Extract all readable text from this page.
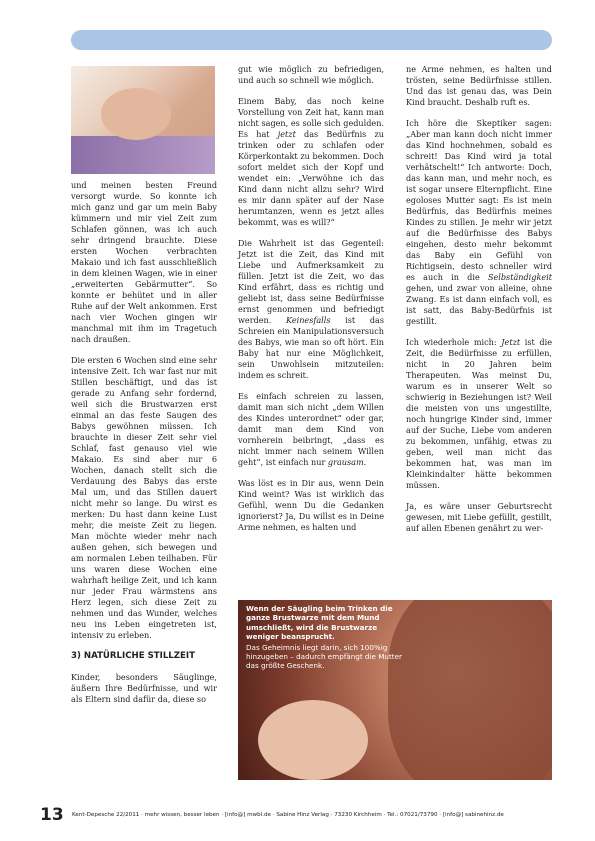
und meinen besten Freund versorgt wurde. So konnte ich mich ganz und gar um mein Baby kümmern und mir viel Zeit zum Schlafen gönnen, was ich auch sehr dringend brauchte. Diese ersten Wochen verbrachten Makaio und ich fast ausschließlich in dem kleinen Wagen, wie in einer „erweiterten Gebärmutter“. So konnte er behütet und in aller Ruhe auf der Welt ankommen. Erst nach vier Wochen gingen wir manchmal mit ihm im Tragetuch nach draußen.

Die ersten 6 Wochen sind eine sehr intensive Zeit. Ich war fast nur mit Stillen beschäftigt, und das ist gerade zu Anfang sehr fordernd, weil sich die Brustwarzen erst einmal an das feste Saugen des Babys gewöhnen müssen. Ich brauchte in dieser Zeit sehr viel Schlaf, fast genauso viel wie Makaio. Es sind aber nur 6 Wochen, danach stellt sich die Verdauung des Babys das erste Mal um, und das Stillen dauert nicht mehr so lange. Du wirst es merken: Du hast dann keine Lust mehr, die meiste Zeit zu liegen. Man möchte wieder mehr nach außen gehen, sich bewegen und am normalen Leben teilhaben. Für uns waren diese Wochen eine wahrhaft heilige Zeit, und ich kann nur jeder Frau wärmstens ans Herz legen, sich diese Zeit zu nehmen und das Wunder, welches neu ins Leben eingetreten ist, intensiv zu erleben.

3) NATÜRLICHE STILLZEIT

Kinder, besonders Säuglinge, äußern Ihre Bedürfnisse, und wir als Eltern sind dafür da, diese so

gut wie möglich zu befriedigen, und auch so schnell wie möglich.

Einem Baby, das noch keine Vorstellung von Zeit hat, kann man nicht sagen, es solle sich gedulden. Es hat jetzt das Bedürfnis zu trinken oder zu schlafen oder Körperkontakt zu bekommen. Doch sofort meldet sich der Kopf und wendet ein: „Verwöhne ich das Kind dann nicht allzu sehr? Wird es mir dann später auf der Nase herumtanzen, wenn es jetzt alles bekommt, was es will?“

Die Wahrheit ist das Gegenteil: Jetzt ist die Zeit, das Kind mit Liebe und Aufmerksamkeit zu füllen. Jetzt ist die Zeit, wo das Kind erfährt, dass es richtig und geliebt ist, dass seine Bedürfnisse ernst genommen und befriedigt werden. Keinesfalls ist das Schreien ein Manipulationsversuch des Babys, wie man so oft hört. Ein Baby hat nur eine Möglichkeit, sein Unwohlsein mitzuteilen: indem es schreit.

Es einfach schreien zu lassen, damit man sich nicht „dem Willen des Kindes unterordnet“ oder gar, damit man dem Kind von vornherein beibringt, „dass es nicht immer nach seinem Willen geht“, ist einfach nur grausam.

Was löst es in Dir aus, wenn Dein Kind weint? Was ist wirklich das Gefühl, wenn Du die Gedanken ignorierst? Ja, Du willst es in Deine Arme nehmen, es halten und

ne Arme nehmen, es halten und trösten, seine Bedürfnisse stillen. Und das ist genau das, was Dein Kind braucht. Deshalb ruft es.

Ich höre die Skeptiker sagen: „Aber man kann doch nicht immer das Kind hochnehmen, sobald es schreit! Das Kind wird ja total verhätschelt!“ Ich antworte: Doch, das kann man, und mehr noch, es ist sogar unsere Elternpflicht. Eine egoloses Mutter sagt: Es ist mein Bedürfnis, das Bedürfnis meines Kindes zu stillen. Je mehr wir jetzt auf die Bedürfnisse des Babys eingehen, desto mehr bekommt das Baby ein Gefühl von Richtigsein, desto schneller wird es auch in die Selbständigkeit gehen, und zwar von alleine, ohne Zwang. Es ist dann einfach voll, es ist satt, das Baby-Bedürfnis ist gestillt.

Ich wiederhole mich: Jetzt ist die Zeit, die Bedürfnisse zu erfüllen, nicht in 20 Jahren beim Therapeuten. Was meinst Du, warum es in unserer Welt so schwierig in Beziehungen ist? Weil die meisten von uns ungestillte, noch hungrige Kinder sind, immer auf der Suche, Liebe vom anderen zu bekommen, unfähig, etwas zu geben, weil man nicht das bekommen hat, was man im Kleinkindalter hätte bekommen müssen.

Ja, es wäre unser Geburtsrecht gewesen, mit Liebe gefüllt, gestillt, auf allen Ebenen genährt zu wer-

Wenn der Säugling beim Trinken die ganze Brustwarze mit dem Mund umschließt, wird die Brustwarze weniger beansprucht.
Das Geheimnis liegt darin, sich 100%ig hinzugeben – dadurch empfängt die Mutter das größte Geschenk.
13 Kent-Depesche 22/2011 · mehr wissen, besser leben · [info@] mwbl.de · Sabine Hinz Verlag · 73230 Kirchheim · Tel.: 07021/73790 · [info@] sabinehinz.de
